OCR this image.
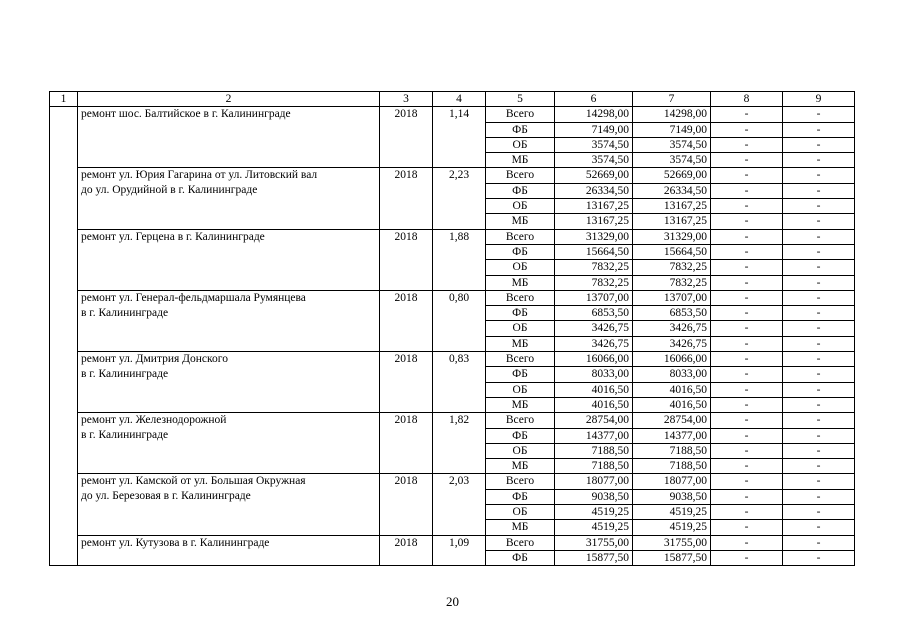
1	2	3	4	5	6	7	8	9

	ремонт шос. Балтийское в г. Калининграде	2018	1,14	Всего	14298,00	14298,00	-	-
				ФБ	7149,00	7149,00	-	-
				ОБ	3574,50	3574,50	-	-
				МБ	3574,50	3574,50	-	-

	ремонт ул. Юрия Гагарина от ул. Литовский вал
до ул. Орудийной в г. Калининграде	2018	2,23	Всего	52669,00	52669,00	-	-
				ФБ	26334,50	26334,50	-	-
				ОБ	13167,25	13167,25	-	-
				МБ	13167,25	13167,25	-	-

	ремонт ул. Герцена в г. Калининграде	2018	1,88	Всего	31329,00	31329,00	-	-
				ФБ	15664,50	15664,50	-	-
				ОБ	7832,25	7832,25	-	-
				МБ	7832,25	7832,25	-	-

	ремонт ул. Генерал-фельдмаршала Румянцева
в г. Калининграде	2018	0,80	Всего	13707,00	13707,00	-	-
				ФБ	6853,50	6853,50	-	-
				ОБ	3426,75	3426,75	-	-
				МБ	3426,75	3426,75	-	-

	ремонт ул. Дмитрия Донского
в г. Калининграде	2018	0,83	Всего	16066,00	16066,00	-	-
				ФБ	8033,00	8033,00	-	-
				ОБ	4016,50	4016,50	-	-
				МБ	4016,50	4016,50	-	-

	ремонт ул. Железнодорожной
в г. Калининграде	2018	1,82	Всего	28754,00	28754,00	-	-
				ФБ	14377,00	14377,00	-	-
				ОБ	7188,50	7188,50	-	-
				МБ	7188,50	7188,50	-	-

	ремонт ул. Камской от ул. Большая Окружная
до ул. Березовая в г. Калининграде	2018	2,03	Всего	18077,00	18077,00	-	-
				ФБ	9038,50	9038,50	-	-
				ОБ	4519,25	4519,25	-	-
				МБ	4519,25	4519,25	-	-

	ремонт ул. Кутузова в г. Калининграде	2018	1,09	Всего	31755,00	31755,00	-	-
				ФБ	15877,50	15877,50	-	-
20
